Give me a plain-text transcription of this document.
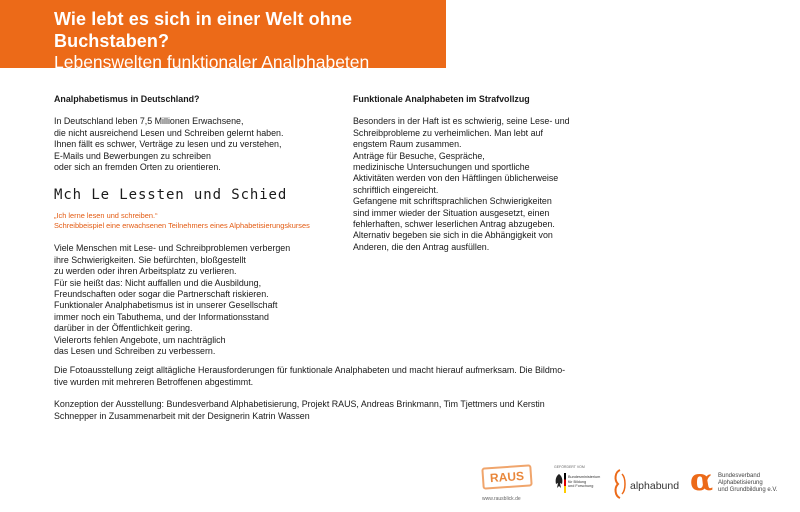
Wie lebt es sich in einer Welt ohne Buchstaben?
Lebenswelten funktionaler Analphabeten
Analphabetismus in Deutschland?

In Deutschland leben 7,5 Millionen Erwachsene,
die nicht ausreichend Lesen und Schreiben gelernt haben.
Ihnen fällt es schwer, Verträge zu lesen und zu verstehen,
E-Mails und Bewerbungen zu schreiben
oder sich an fremden Orten zu orientieren.

Mch Le Lessten und Schied
„Ich lerne lesen und schreiben.“
Schreibbeispiel eine erwachsenen Teilnehmers eines Alphabetisierungskurses

Viele Menschen mit Lese- und Schreibproblemen verbergen
ihre Schwierigkeiten. Sie befürchten, bloßgestellt
zu werden oder ihren Arbeitsplatz zu verlieren.
Für sie heißt das: Nicht auffallen und die Ausbildung,
Freundschaften oder sogar die Partnerschaft riskieren.
Funktionaler Analphabetismus ist in unserer Gesellschaft
immer noch ein Tabuthema, und der Informationsstand
darüber in der Öffentlichkeit gering.
Vielerorts fehlen Angebote, um nachträglich
das Lesen und Schreiben zu verbessern.

Funktionale Analphabeten im Strafvollzug

Besonders in der Haft ist es schwierig, seine Lese- und
Schreibprobleme zu verheimlichen. Man lebt auf
engstem Raum zusammen.
Anträge für Besuche, Gespräche,
medizinische Untersuchungen und sportliche
Aktivitäten werden von den Häftlingen üblicherweise
schriftlich eingereicht.
Gefangene mit schriftsprachlichen Schwierigkeiten
sind immer wieder der Situation ausgesetzt, einen
fehlerhaften, schwer leserlichen Antrag abzugeben.
Alternativ begeben sie sich in die Abhängigkeit von
Anderen, die den Antrag ausfüllen.

Die Fotoausstellung zeigt alltägliche Herausforderungen für funktionale Analphabeten und macht hierauf aufmerksam. Die Bildmo-
tive wurden mit mehreren Betroffenen abgestimmt.

Konzeption der Ausstellung: Bundesverband Alphabetisierung, Projekt RAUS, Andreas Brinkmann, Tim Tjettmers und Kerstin
Schnepper in Zusammenarbeit mit der Designerin Katrin Wassen

RAUS
www.rausblick.de
GEFÖRDERT VOM
Bundesministerium
für Bildung
und Forschung	alphabund α Bundesverband
Alphabetisierung
und Grundbildung e.V.
